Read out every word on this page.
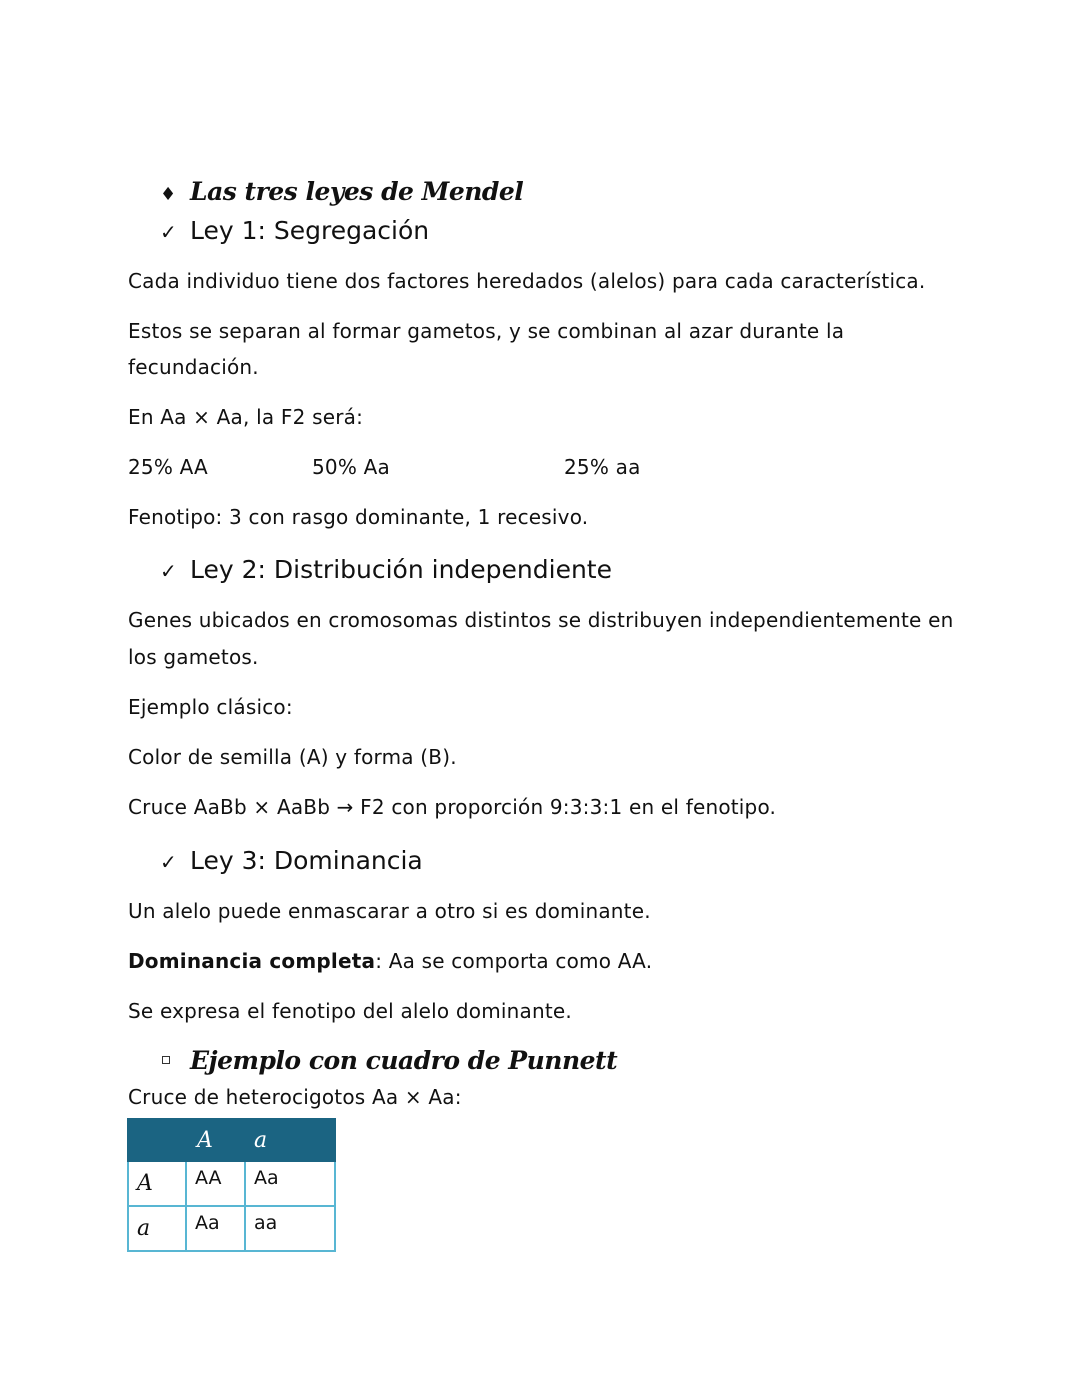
♦ Las tres leyes de Mendel
✓ Ley 1: Segregación
Cada individuo tiene dos factores heredados (alelos) para cada característica.
Estos se separan al formar gametos, y se combinan al azar durante la
fecundación.
En Aa × Aa, la F2 será:
25% AA	50% Aa	25% aa
Fenotipo: 3 con rasgo dominante, 1 recesivo.
✓ Ley 2: Distribución independiente
Genes ubicados en cromosomas distintos se distribuyen independientemente en
los gametos.
Ejemplo clásico:
Color de semilla (A) y forma (B).
Cruce AaBb × AaBb → F2 con proporción 9:3:3:1 en el fenotipo.
✓ Ley 3: Dominancia
Un alelo puede enmascarar a otro si es dominante.
Dominancia completa: Aa se comporta como AA.
Se expresa el fenotipo del alelo dominante.
Ejemplo con cuadro de Punnett
Cruce de heterocigotos Aa × Aa:

	A	a

A	AA	Aa

a	Aa	aa
